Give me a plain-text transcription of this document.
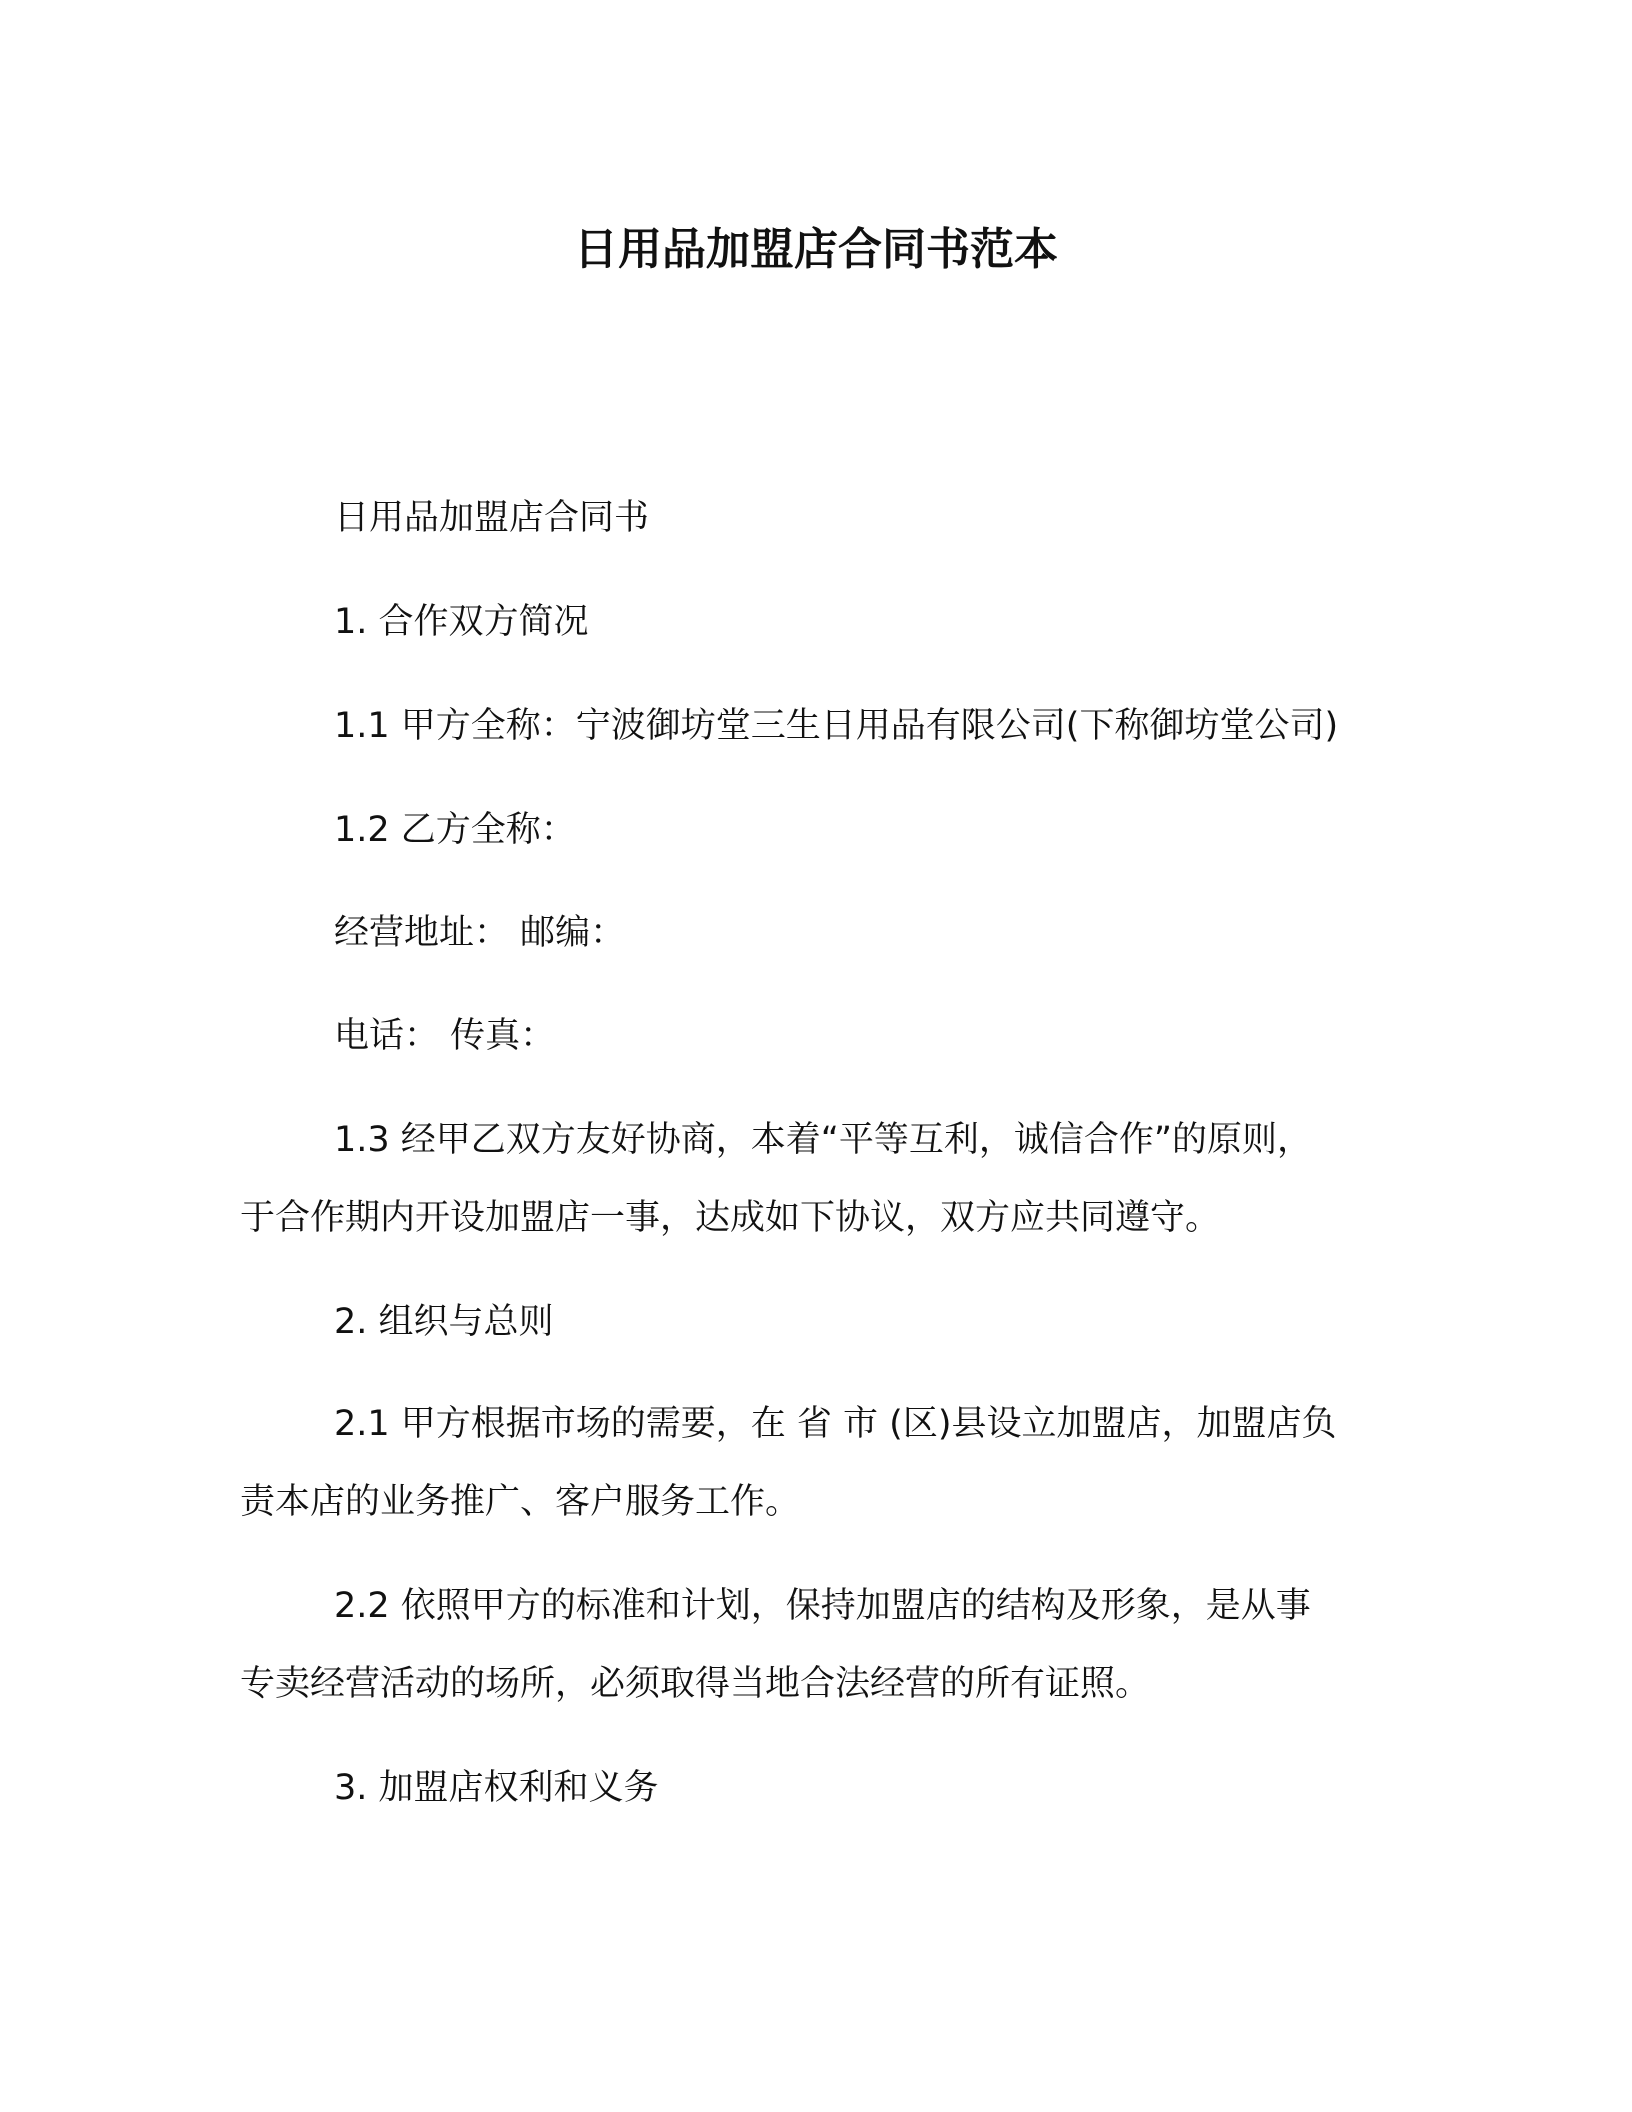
日用品加盟店合同书范本

日用品加盟店合同书

1. 合作双方简况

1.1 甲方全称：宁波御坊堂三生日用品有限公司(下称御坊堂公司)

1.2 乙方全称：

经营地址： 邮编：

电话： 传真：

1.3 经甲乙双方友好协商，本着“平等互利，诚信合作”的原则，

于合作期内开设加盟店一事，达成如下协议，双方应共同遵守。

2. 组织与总则

2.1 甲方根据市场的需要，在 省 市 (区)县设立加盟店，加盟店负

责本店的业务推广、客户服务工作。

2.2 依照甲方的标准和计划，保持加盟店的结构及形象，是从事

专卖经营活动的场所，必须取得当地合法经营的所有证照。

3. 加盟店权利和义务
